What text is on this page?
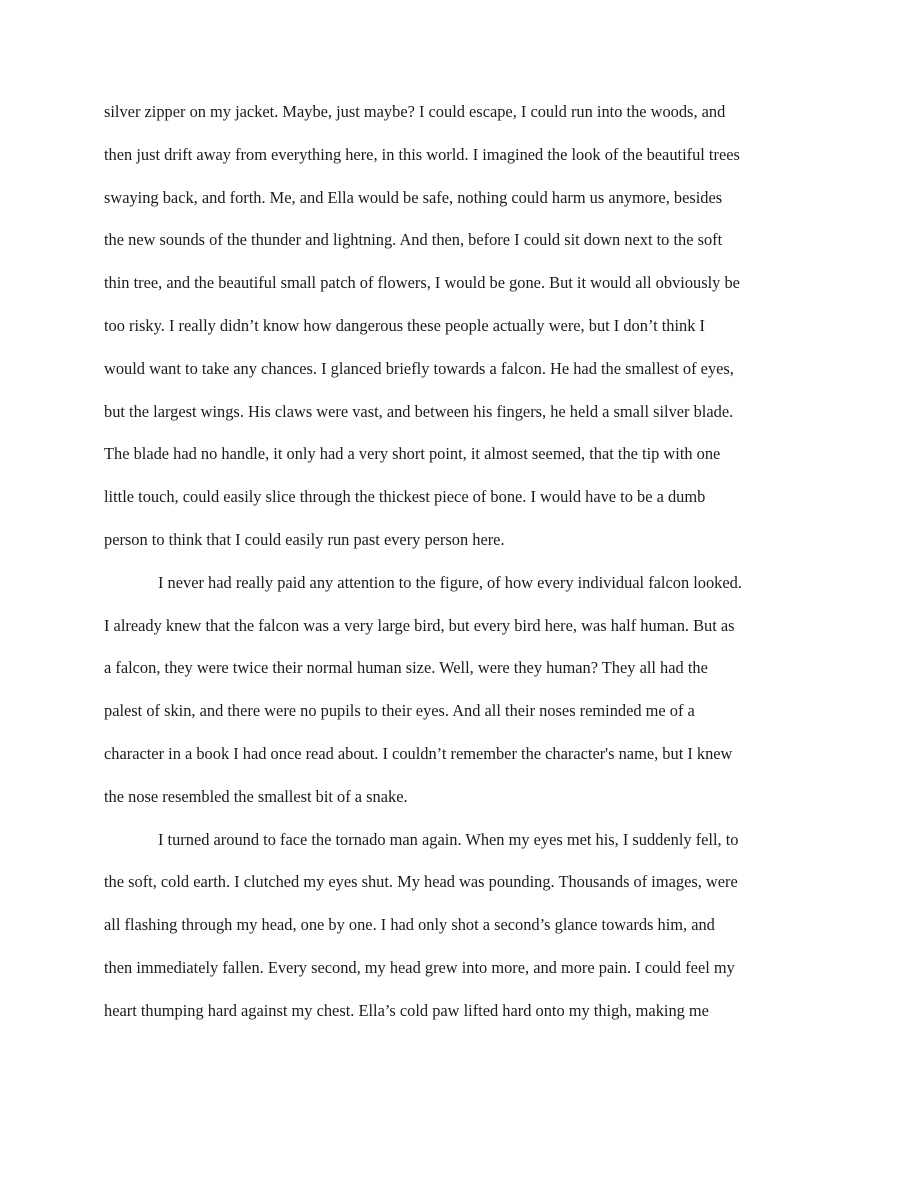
silver zipper on my jacket. Maybe, just maybe? I could escape, I could run into the woods, and
then just drift away from everything here, in this world. I imagined the look of the beautiful trees
swaying back, and forth. Me, and Ella would be safe, nothing could harm us anymore, besides
the new sounds of the thunder and lightning. And then, before I could sit down next to the soft
thin tree, and the beautiful small patch of flowers, I would be gone. But it would all obviously be
too risky. I really didn’t know how dangerous these people actually were, but I don’t think I
would want to take any chances. I glanced briefly towards a falcon. He had the smallest of eyes,
but the largest wings. His claws were vast, and between his fingers, he held a small silver blade.
The blade had no handle, it only had a very short point, it almost seemed, that the tip with one
little touch, could easily slice through the thickest piece of bone. I would have to be a dumb
person to think that I could easily run past every person here.
I never had really paid any attention to the figure, of how every individual falcon looked.
I already knew that the falcon was a very large bird, but every bird here, was half human. But as
a falcon, they were twice their normal human size. Well, were they human? They all had the
palest of skin, and there were no pupils to their eyes. And all their noses reminded me of a
character in a book I had once read about. I couldn’t remember the character's name, but I knew
the nose resembled the smallest bit of a snake.
I turned around to face the tornado man again. When my eyes met his, I suddenly fell, to
the soft, cold earth. I clutched my eyes shut. My head was pounding. Thousands of images, were
all flashing through my head, one by one. I had only shot a second’s glance towards him, and
then immediately fallen. Every second, my head grew into more, and more pain. I could feel my
heart thumping hard against my chest. Ella’s cold paw lifted hard onto my thigh, making me
